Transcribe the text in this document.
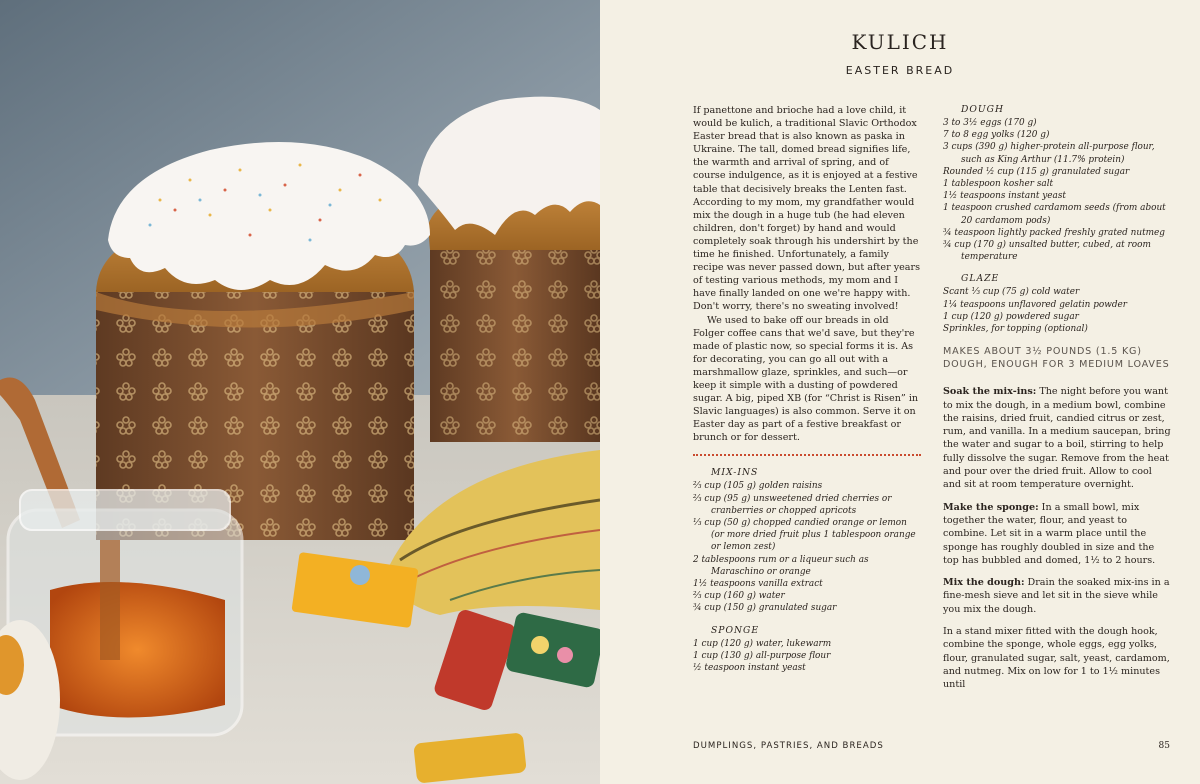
KULICH
EASTER BREAD

If panettone and brioche had a love child, it would be kulich, a traditional Slavic Orthodox Easter bread that is also known as paska in Ukraine. The tall, domed bread signifies life, the warmth and arrival of spring, and of course indulgence, as it is enjoyed at a festive table that decisively breaks the Lenten fast. According to my mom, my grandfather would mix the dough in a huge tub (he had eleven children, don't forget) by hand and would completely soak through his undershirt by the time he finished. Unfortunately, a family recipe was never passed down, but after years of testing various methods, my mom and I have finally landed on one we're happy with. Don't worry, there's no sweating involved!

We used to bake off our breads in old Folger coffee cans that we'd save, but they're made of plastic now, so special forms it is. As for decorating, you can go all out with a marshmallow glaze, sprinkles, and such—or keep it simple with a dusting of powdered sugar. A big, piped XB (for “Christ is Risen” in Slavic languages) is also common. Serve it on Easter day as part of a festive breakfast or brunch or for dessert.

MIX-INS
⅔ cup (105 g) golden raisins
⅔ cup (95 g) unsweetened dried cherries or cranberries or chopped apricots
⅓ cup (50 g) chopped candied orange or lemon (or more dried fruit plus 1 tablespoon orange or lemon zest)
2 tablespoons rum or a liqueur such as Maraschino or orange
1½ teaspoons vanilla extract
⅔ cup (160 g) water
¾ cup (150 g) granulated sugar
SPONGE
1 cup (120 g) water, lukewarm
1 cup (130 g) all-purpose flour
½ teaspoon instant yeast
DOUGH
3 to 3½ eggs (170 g)
7 to 8 egg yolks (120 g)
3 cups (390 g) higher-protein all-purpose flour, such as King Arthur (11.7% protein)
Rounded ½ cup (115 g) granulated sugar
1 tablespoon kosher salt
1½ teaspoons instant yeast
1 teaspoon crushed cardamom seeds (from about 20 cardamom pods)
¾ teaspoon lightly packed freshly grated nutmeg
¾ cup (170 g) unsalted butter, cubed, at room temperature
GLAZE
Scant ⅓ cup (75 g) cold water
1¼ teaspoons unflavored gelatin powder
1 cup (120 g) powdered sugar
Sprinkles, for topping (optional)
MAKES ABOUT 3½ POUNDS (1.5 KG) DOUGH, ENOUGH FOR 3 MEDIUM LOAVES

Soak the mix-ins: The night before you want to mix the dough, in a medium bowl, combine the raisins, dried fruit, candied citrus or zest, rum, and vanilla. In a medium saucepan, bring the water and sugar to a boil, stirring to help fully dissolve the sugar. Remove from the heat and pour over the dried fruit. Allow to cool and sit at room temperature overnight.

Make the sponge: In a small bowl, mix together the water, flour, and yeast to combine. Let sit in a warm place until the sponge has roughly doubled in size and the top has bubbled and domed, 1½ to 2 hours.

Mix the dough: Drain the soaked mix-ins in a fine-mesh sieve and let sit in the sieve while you mix the dough.

In a stand mixer fitted with the dough hook, combine the sponge, whole eggs, egg yolks, flour, granulated sugar, salt, yeast, cardamom, and nutmeg. Mix on low for 1 to 1½ minutes until

DUMPLINGS, PASTRIES, AND BREADS	85
